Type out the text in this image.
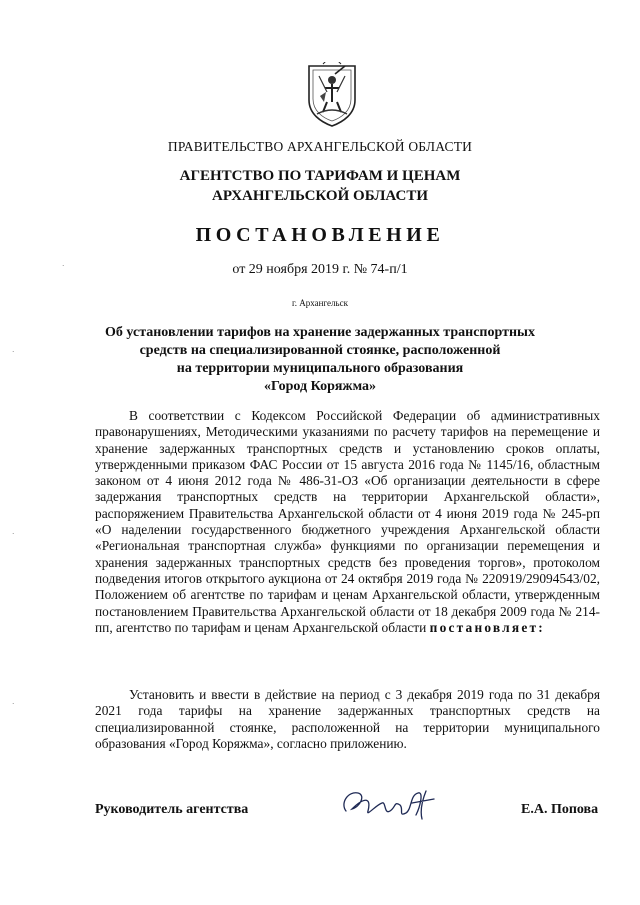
ПРАВИТЕЛЬСТВО АРХАНГЕЛЬСКОЙ ОБЛАСТИ
АГЕНТСТВО ПО ТАРИФАМ И ЦЕНАМ
АРХАНГЕЛЬСКОЙ ОБЛАСТИ
ПОСТАНОВЛЕНИЕ
от 29 ноября 2019 г. № 74-п/1
г. Архангельск
Об установлении тарифов на хранение задержанных транспортных
средств на специализированной стоянке, расположенной
на территории муниципального образования
«Город Коряжма»
В соответствии с Кодексом Российской Федерации об административных правонарушениях, Методическими указаниями по расчету тарифов на перемещение и хранение задержанных транспортных средств и установлению сроков оплаты, утвержденными приказом ФАС России от 15 августа 2016 года № 1145/16, областным законом от 4 июня 2012 года № 486-31-ОЗ «Об организации деятельности в сфере задержания транспортных средств на территории Архангельской области», распоряжением Правительства Архангельской области от 4 июня 2019 года № 245-рп «О наделении государственного бюджетного учреждения Архангельской области «Региональная транспортная служба» функциями по организации перемещения и хранения задержанных транспортных средств без проведения торгов», протоколом подведения итогов открытого аукциона от 24 октября 2019 года № 220919/29094543/02, Положением об агентстве по тарифам и ценам Архангельской области, утвержденным постановлением Правительства Архангельской области от 18 декабря 2009 года № 214-пп, агентство по тарифам и ценам Архангельской области постановляет:
Установить и ввести в действие на период с 3 декабря 2019 года по 31 декабря 2021 года тарифы на хранение задержанных транспортных средств на специализированной стоянке, расположенной на территории муниципального образования «Город Коряжма», согласно приложению.
Руководитель агентства	Е.А. Попова
·
·
·
·
